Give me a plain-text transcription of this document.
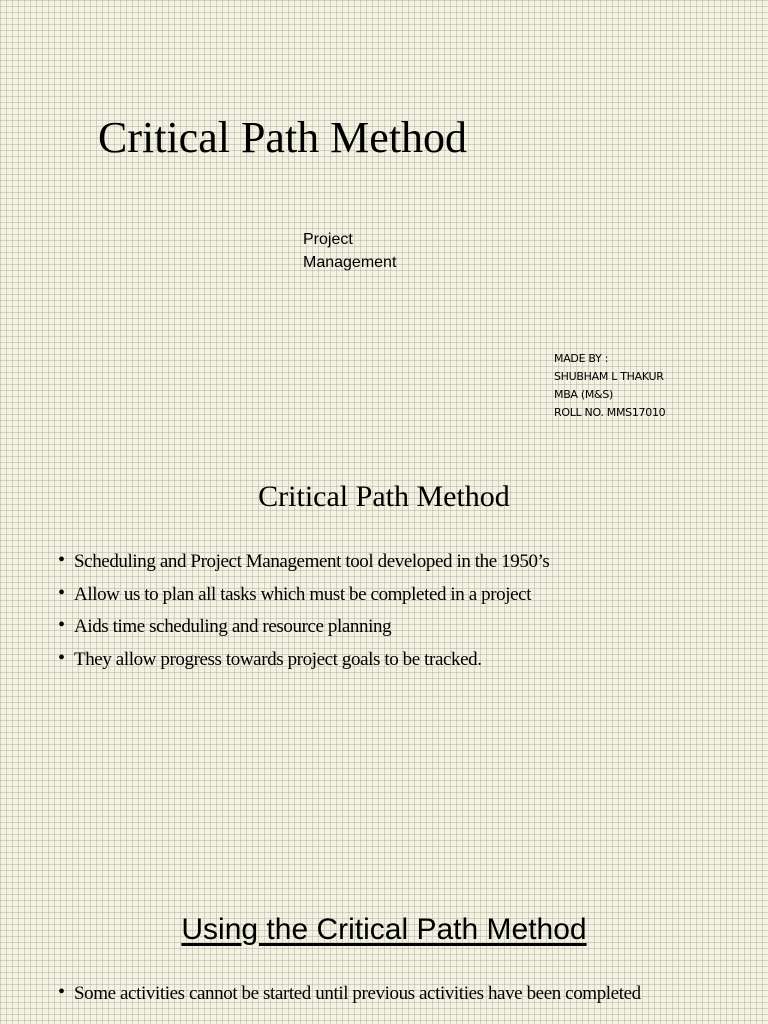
Critical Path Method
Project
Management
MADE BY :
SHUBHAM L THAKUR
MBA (M&S)
ROLL NO. MMS17010
Critical Path Method
• Scheduling and Project Management tool developed in the 1950’s
• Allow us to plan all tasks which must be completed in a project
• Aids time scheduling and resource planning
• They allow progress towards project goals to be tracked.
Using the Critical Path Method
• Some activities cannot be started until previous activities have been completed
